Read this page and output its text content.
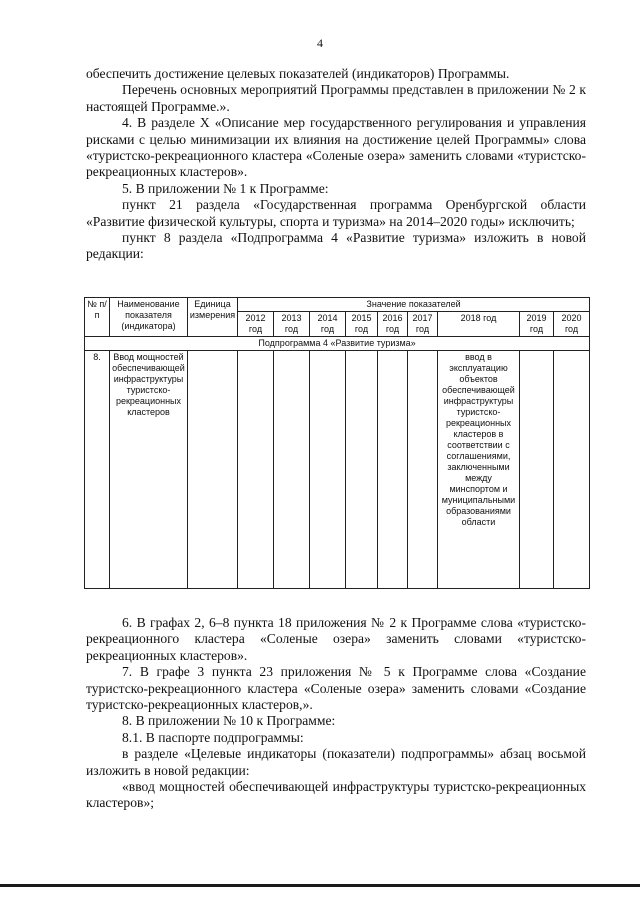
4

обеспечить достижение целевых показателей (индикаторов) Программы.

Перечень основных мероприятий Программы представлен в приложении № 2 к настоящей Программе.».

4. В разделе X «Описание мер государственного регулирования и управления рисками с целью минимизации их влияния на достижение целей Программы» слова «туристско-рекреационного кластера «Соленые озера» заменить словами «туристско-рекреационных кластеров».

5. В приложении № 1 к Программе:

пункт 21 раздела «Государственная программа Оренбургской области «Развитие физической культуры, спорта и туризма» на 2014–2020 годы» исключить;

пункт 8 раздела «Подпрограмма 4 «Развитие туризма» изложить в новой редакции:

№ п/п	Наименование показателя (индикатора)	Единица измерения	Значение показателей								
			2012 год	2013 год	2014 год	2015 год	2016 год	2017 год	2018 год	2019 год	2020 год
Подпрограмма 4 «Развитие туризма»											
8.	Ввод мощностей обеспечивающей инфраструктуры туристско-рекреационных кластеров								ввод в эксплуатацию объектов обеспечивающей инфраструктуры туристско-рекреационных кластеров в соответствии с соглашениями, заключенными между минспортом и муниципальными образованиями области		

6. В графах 2, 6–8 пункта 18 приложения № 2 к Программе слова «туристско-рекреационного кластера «Соленые озера» заменить словами «туристско-рекреационных кластеров».

7. В графе 3 пункта 23 приложения № 5 к Программе слова «Создание туристско-рекреационного кластера «Соленые озера» заменить словами «Создание туристско-рекреационных кластеров,».

8. В приложении № 10 к Программе:

8.1. В паспорте подпрограммы:

в разделе «Целевые индикаторы (показатели) подпрограммы» абзац восьмой изложить в новой редакции:

«ввод мощностей обеспечивающей инфраструктуры туристско-рекреационных кластеров»;
